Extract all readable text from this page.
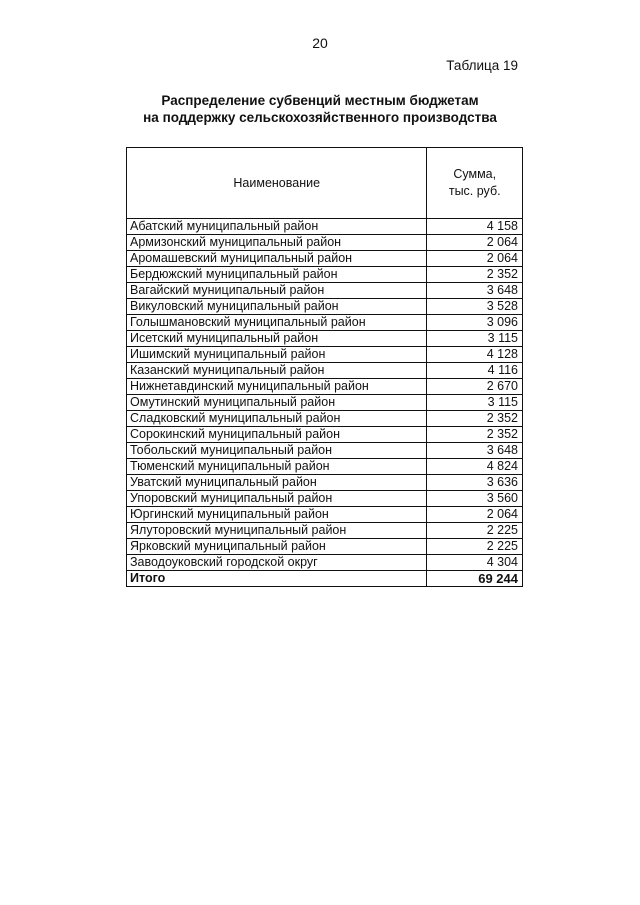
20
Таблица 19
Распределение субвенций местным бюджетам
на поддержку сельскохозяйственного производства
Наименование	Сумма,
тыс. руб.

Абатский муниципальный район	4 158
Армизонский муниципальный район	2 064
Аромашевский муниципальный район	2 064
Бердюжский муниципальный район	2 352
Вагайский муниципальный район	3 648
Викуловский муниципальный район	3 528
Голышмановский муниципальный район	3 096
Исетский муниципальный район	3 115
Ишимский муниципальный район	4 128
Казанский муниципальный район	4 116
Нижнетавдинский муниципальный район	2 670
Омутинский муниципальный район	3 115
Сладковский муниципальный район	2 352
Сорокинский муниципальный район	2 352
Тобольский муниципальный район	3 648
Тюменский муниципальный район	4 824
Уватский муниципальный район	3 636
Упоровский муниципальный район	3 560
Юргинский муниципальный район	2 064
Ялуторовский муниципальный район	2 225
Ярковский муниципальный район	2 225
Заводоуковский городской округ	4 304
Итого	69 244
